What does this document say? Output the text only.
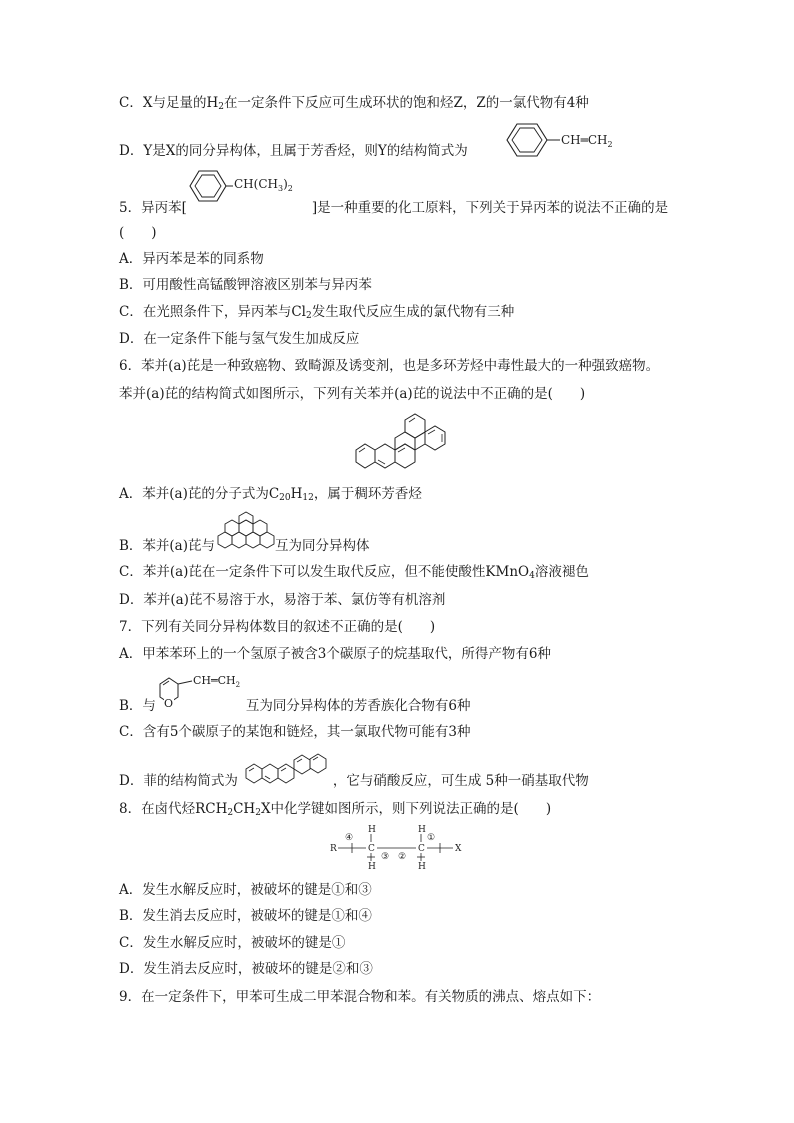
C．X与足量的$H_2$在一定条件下反应可生成环状的饱和烃Z，Z的一氯代物有4种
D．Y是X的同分异构体，且属于芳香烃，则Y的结构简式为
$CH═CH_2$
$CH(CH_3)_2$
5．异丙苯[	]是一种重要的化工原料，下列关于异丙苯的说法不正确的是
(　　)
A．异丙苯是苯的同系物
B．可用酸性高锰酸钾溶液区别苯与异丙苯
C．在光照条件下，异丙苯与$Cl_2$发生取代反应生成的氯代物有三种
D．在一定条件下能与氢气发生加成反应
6．苯并(a)芘是一种致癌物、致畸源及诱变剂，也是多环芳烃中毒性最大的一种强致癌物。
苯并(a)芘的结构简式如图所示，下列有关苯并(a)芘的说法中不正确的是(　　)
A．苯并(a)芘的分子式为$C_{20}H_{12}$，属于稠环芳香烃
B．苯并(a)芘与	互为同分异构体
C．苯并(a)芘在一定条件下可以发生取代反应，但不能使酸性KMnO$_4$溶液褪色
D．苯并(a)芘不易溶于水，易溶于苯、氯仿等有机溶剂
7．下列有关同分异构体数目的叙述不正确的是(　　)
A．甲苯苯环上的一个氢原子被含3个碳原子的烷基取代，所得产物有6种
O
$CH═CH_2$
B．与	互为同分异构体的芳香族化合物有6种
C．含有5个碳原子的某饱和链烃，其一氯取代物可能有3种
D．菲的结构简式为	，它与硝酸反应，可生成 5种一硝基取代物
8．在卤代烃$RCH_2CH_2X$中化学键如图所示，则下列说法正确的是(　　)
R
H
C
H
H
C
H
X
④	①
③ ②
A．发生水解反应时，被破坏的键是①和③
B．发生消去反应时，被破坏的键是①和④
C．发生水解反应时，被破坏的键是①
D．发生消去反应时，被破坏的键是②和③
9．在一定条件下，甲苯可生成二甲苯混合物和苯。有关物质的沸点、熔点如下：
